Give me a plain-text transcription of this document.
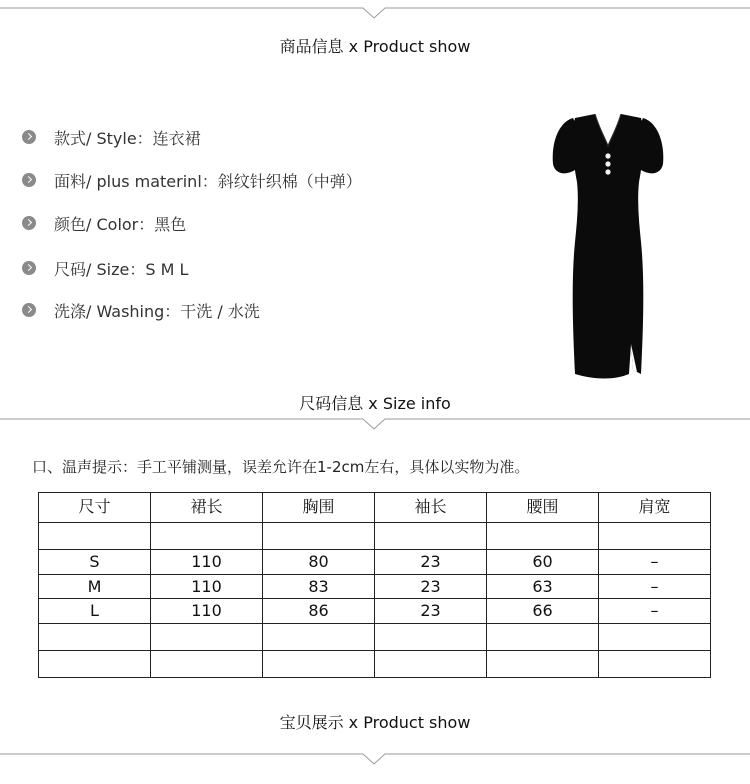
商品信息 x Product show
款式/ Style：连衣裙
面料/ plus materinl：斜纹针织棉（中弹）
颜色/ Color：黑色
尺码/ Size：S M L
洗涤/ Washing：干洗 / 水洗
尺码信息 x Size info
口、温声提示：手工平铺测量，误差允许在1-2cm左右，具体以实物为准。
尺寸	裙长	胸围	袖长	腰围	肩宽

S	110	80	23	60	–
M	110	83	23	63	–
L	110	86	23	66	–

宝贝展示 x Product show
